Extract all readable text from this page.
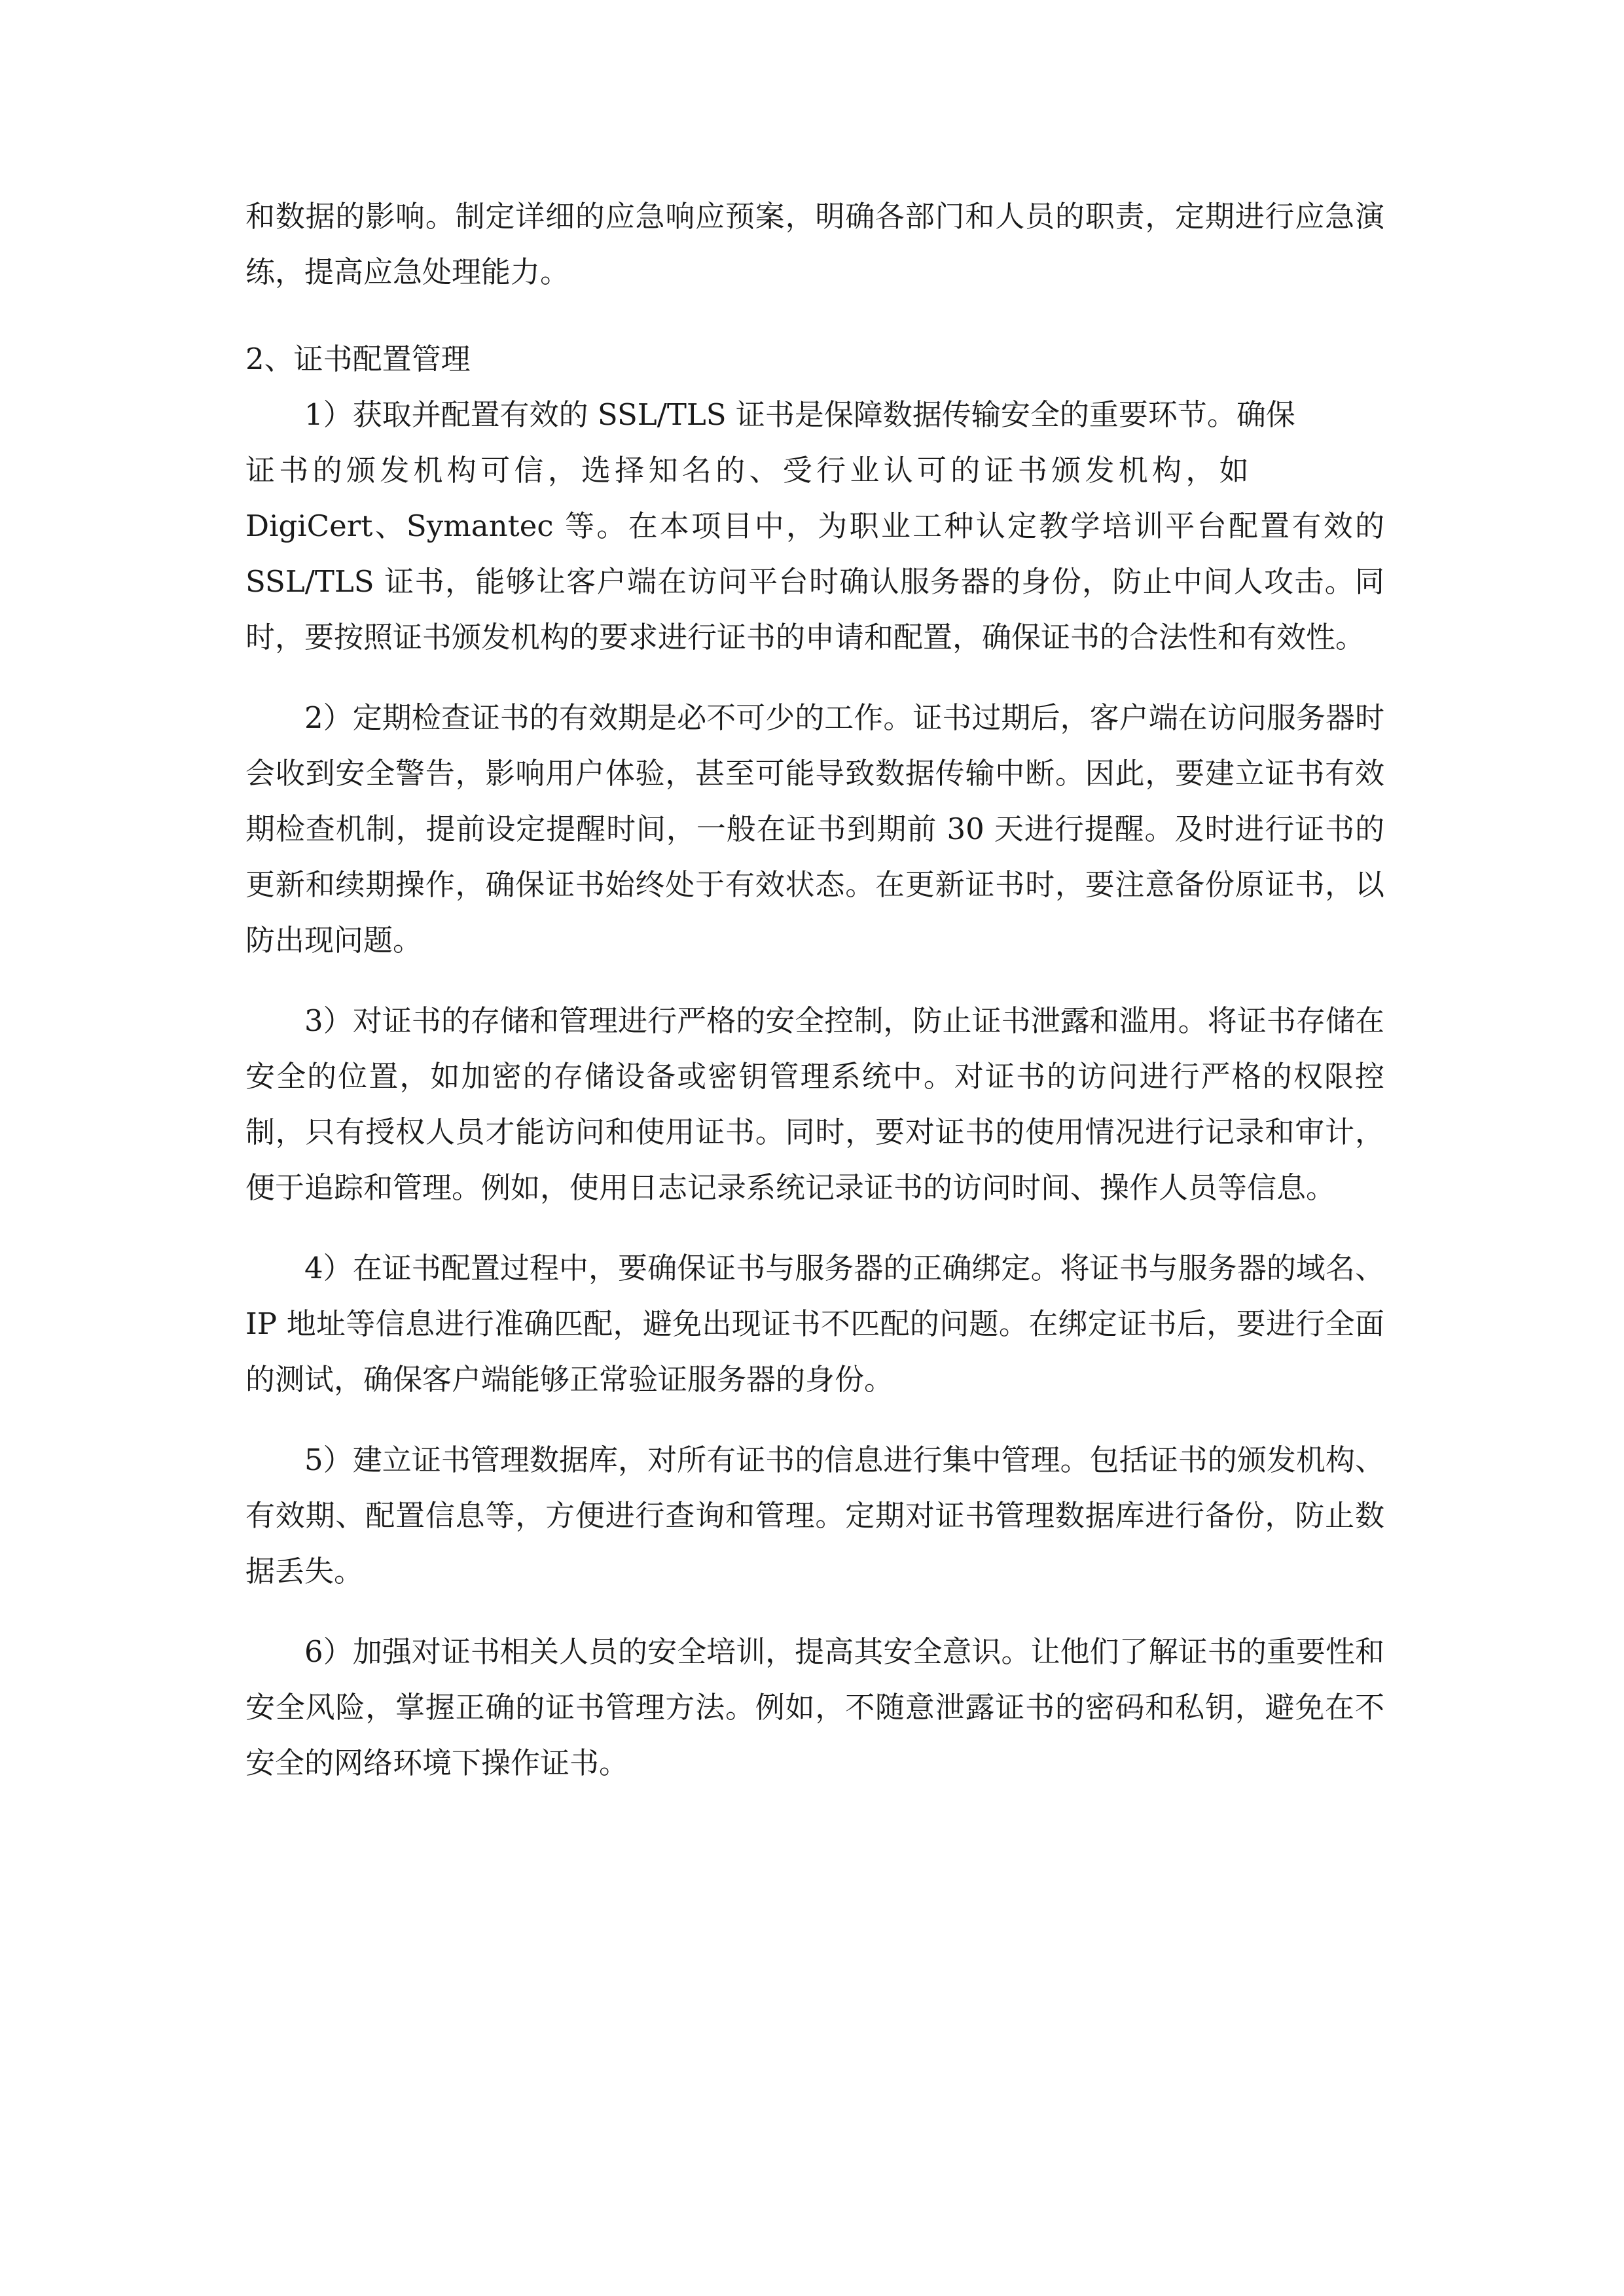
和数据的影响。制定详细的应急响应预案，明确各部门和人员的职责，定期进行应急演练，提高应急处理能力。

2、证书配置管理

1）获取并配置有效的 SSL/TLS 证书是保障数据传输安全的重要环节。确保
证书的颁发机构可信，选择知名的、受行业认可的证书颁发机构，如
DigiCert、Symantec 等。在本项目中，为职业工种认定教学培训平台配置有效的 SSL/TLS 证书，能够让客户端在访问平台时确认服务器的身份，防止中间人攻击。同时，要按照证书颁发机构的要求进行证书的申请和配置，确保证书的合法性和有效性。

2）定期检查证书的有效期是必不可少的工作。证书过期后，客户端在访问服务器时会收到安全警告，影响用户体验，甚至可能导致数据传输中断。因此，要建立证书有效期检查机制，提前设定提醒时间，一般在证书到期前 30 天进行提醒。及时进行证书的更新和续期操作，确保证书始终处于有效状态。在更新证书时，要注意备份原证书，以防出现问题。

3）对证书的存储和管理进行严格的安全控制，防止证书泄露和滥用。将证书存储在安全的位置，如加密的存储设备或密钥管理系统中。对证书的访问进行严格的权限控制，只有授权人员才能访问和使用证书。同时，要对证书的使用情况进行记录和审计，便于追踪和管理。例如，使用日志记录系统记录证书的访问时间、操作人员等信息。

4）在证书配置过程中，要确保证书与服务器的正确绑定。将证书与服务器的域名、IP 地址等信息进行准确匹配，避免出现证书不匹配的问题。在绑定证书后，要进行全面的测试，确保客户端能够正常验证服务器的身份。

5）建立证书管理数据库，对所有证书的信息进行集中管理。包括证书的颁发机构、有效期、配置信息等，方便进行查询和管理。定期对证书管理数据库进行备份，防止数据丢失。

6）加强对证书相关人员的安全培训，提高其安全意识。让他们了解证书的重要性和安全风险，掌握正确的证书管理方法。例如，不随意泄露证书的密码和私钥，避免在不安全的网络环境下操作证书。
